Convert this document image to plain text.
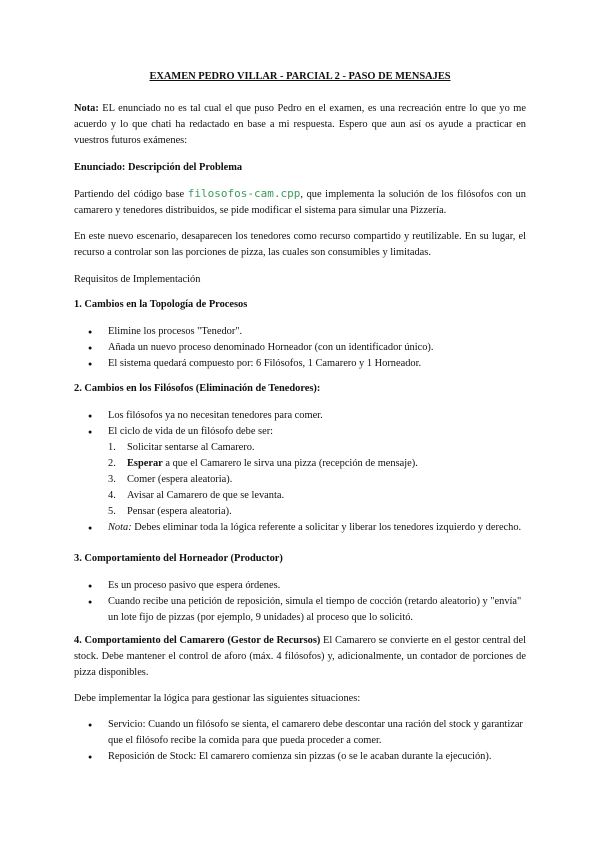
EXAMEN PEDRO VILLAR - PARCIAL 2 - PASO DE MENSAJES

Nota: EL enunciado no es tal cual el que puso Pedro en el examen, es una recreación entre lo que yo me acuerdo y lo que chati ha redactado en base a mi respuesta. Espero que aun así os ayude a practicar en vuestros futuros exámenes:

Enunciado: Descripción del Problema

Partiendo del código base filosofos-cam.cpp, que implementa la solución de los filósofos con un camarero y tenedores distribuidos, se pide modificar el sistema para simular una Pizzería.

En este nuevo escenario, desaparecen los tenedores como recurso compartido y reutilizable. En su lugar, el recurso a controlar son las porciones de pizza, las cuales son consumibles y limitadas.

Requisitos de Implementación

1. Cambios en la Topología de Procesos

● Elimine los procesos "Tenedor".
● Añada un nuevo proceso denominado Horneador (con un identificador único).
● El sistema quedará compuesto por: 6 Filósofos, 1 Camarero y 1 Horneador.

2. Cambios en los Filósofos (Eliminación de Tenedores):

● Los filósofos ya no necesitan tenedores para comer.
● El ciclo de vida de un filósofo debe ser:
1. Solicitar sentarse al Camarero.
2. Esperar a que el Camarero le sirva una pizza (recepción de mensaje).
3. Comer (espera aleatoria).
4. Avisar al Camarero de que se levanta.
5. Pensar (espera aleatoria).
● Nota: Debes eliminar toda la lógica referente a solicitar y liberar los tenedores izquierdo y derecho.

3. Comportamiento del Horneador (Productor)

● Es un proceso pasivo que espera órdenes.
● Cuando recibe una petición de reposición, simula el tiempo de cocción (retardo aleatorio) y "envía" un lote fijo de pizzas (por ejemplo, 9 unidades) al proceso que lo solicitó.

4. Comportamiento del Camarero (Gestor de Recursos) El Camarero se convierte en el gestor central del stock. Debe mantener el control de aforo (máx. 4 filósofos) y, adicionalmente, un contador de porciones de pizza disponibles.

Debe implementar la lógica para gestionar las siguientes situaciones:

● Servicio: Cuando un filósofo se sienta, el camarero debe descontar una ración del stock y garantizar que el filósofo recibe la comida para que pueda proceder a comer.
● Reposición de Stock: El camarero comienza sin pizzas (o se le acaban durante la ejecución).
